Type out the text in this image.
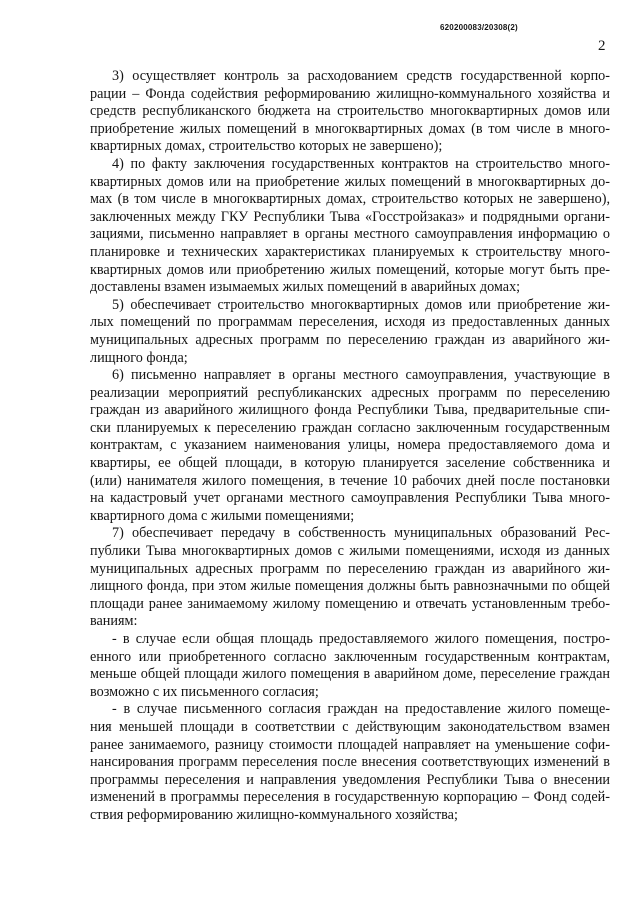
620200083/20308(2)
2

3) осуществляет контроль за расходованием средств государственной корпо-
рации – Фонда содействия реформированию жилищно-коммунального хозяйства и
средств республиканского бюджета на строительство многоквартирных домов или
приобретение жилых помещений в многоквартирных домах (в том числе в много-
квартирных домах, строительство которых не завершено);

4) по факту заключения государственных контрактов на строительство много-
квартирных домов или на приобретение жилых помещений в многоквартирных до-
мах (в том числе в многоквартирных домах, строительство которых не завершено),
заключенных между ГКУ Республики Тыва «Госстройзаказ» и подрядными органи-
зациями, письменно направляет в органы местного самоуправления информацию о
планировке и технических характеристиках планируемых к строительству много-
квартирных домов или приобретению жилых помещений, которые могут быть пре-
доставлены взамен изымаемых жилых помещений в аварийных домах;

5) обеспечивает строительство многоквартирных домов или приобретение жи-
лых помещений по программам переселения, исходя из предоставленных данных
муниципальных адресных программ по переселению граждан из аварийного жи-
лищного фонда;

6) письменно направляет в органы местного самоуправления, участвующие в
реализации мероприятий республиканских адресных программ по переселению
граждан из аварийного жилищного фонда Республики Тыва, предварительные спи-
ски планируемых к переселению граждан согласно заключенным государственным
контрактам, с указанием наименования улицы, номера предоставляемого дома и
квартиры, ее общей площади, в которую планируется заселение собственника и
(или) нанимателя жилого помещения, в течение 10 рабочих дней после постановки
на кадастровый учет органами местного самоуправления Республики Тыва много-
квартирного дома с жилыми помещениями;

7) обеспечивает передачу в собственность муниципальных образований Рес-
публики Тыва многоквартирных домов с жилыми помещениями, исходя из данных
муниципальных адресных программ по переселению граждан из аварийного жи-
лищного фонда, при этом жилые помещения должны быть равнозначными по общей
площади ранее занимаемому жилому помещению и отвечать установленным требо-
ваниям:

- в случае если общая площадь предоставляемого жилого помещения, постро-
енного или приобретенного согласно заключенным государственным контрактам,
меньше общей площади жилого помещения в аварийном доме, переселение граждан
возможно с их письменного согласия;

- в случае письменного согласия граждан на предоставление жилого помеще-
ния меньшей площади в соответствии с действующим законодательством взамен
ранее занимаемого, разницу стоимости площадей направляет на уменьшение софи-
нансирования программ переселения после внесения соответствующих изменений в
программы переселения и направления уведомления Республики Тыва о внесении
изменений в программы переселения в государственную корпорацию – Фонд содей-
ствия реформированию жилищно-коммунального хозяйства;
